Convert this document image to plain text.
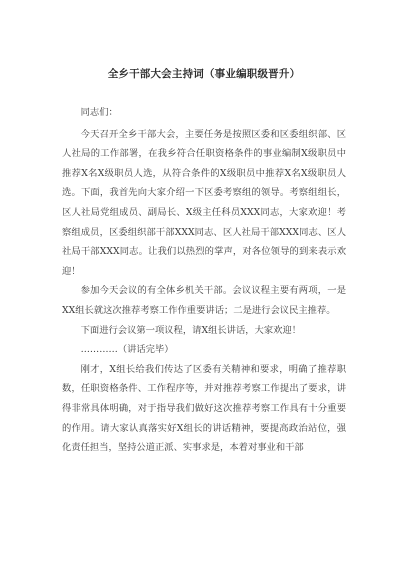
全乡干部大会主持词（事业编职级晋升）

同志们：

今天召开全乡干部大会，主要任务是按照区委和区委组织部、区人社局的工作部署，在我乡符合任职资格条件的事业编制X级职员中推荐X名X级职员人选，从符合条件的X级职员中推荐X名X级职员人选。下面，我首先向大家介绍一下区委考察组的领导。考察组组长，区人社局党组成员、副局长、X级主任科员XXX同志，大家欢迎！考察组成员，区委组织部干部XXX同志、区人社局干部XXX同志、区人社局干部XXX同志。让我们以热烈的掌声，对各位领导的到来表示欢迎！

参加今天会议的有全体乡机关干部。会议议程主要有两项，一是XX组长就这次推荐考察工作作重要讲话；二是进行会议民主推荐。

下面进行会议第一项议程，请X组长讲话，大家欢迎！

…………（讲话完毕）

刚才，X组长给我们传达了区委有关精神和要求，明确了推荐职数，任职资格条件、工作程序等，并对推荐考察工作提出了要求，讲得非常具体明确，对于指导我们做好这次推荐考察工作具有十分重要的作用。请大家认真落实好X组长的讲话精神，要提高政治站位，强化责任担当，坚持公道正派、实事求是，本着对事业和干部
